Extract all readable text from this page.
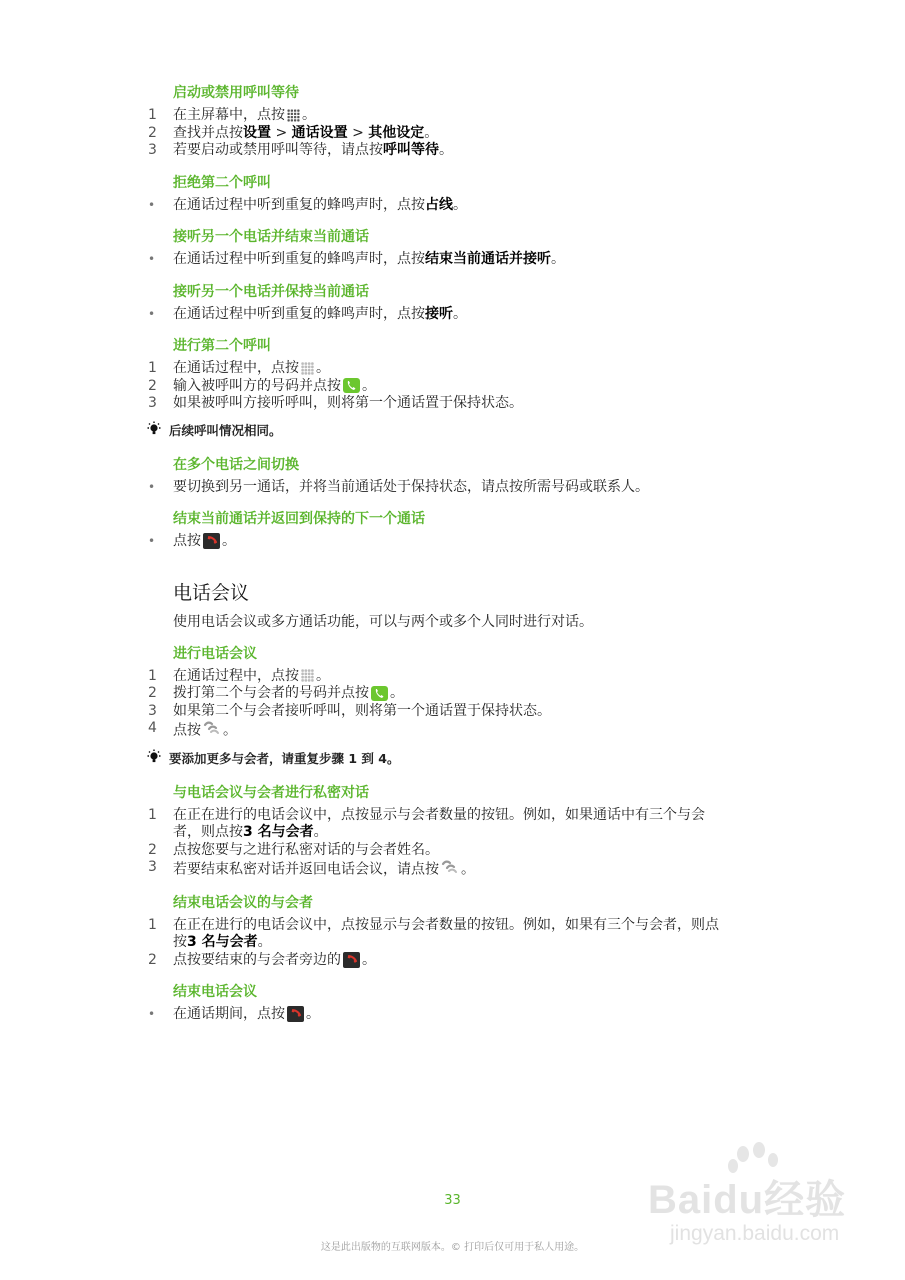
启动或禁用呼叫等待
1	在主屏幕中，点按 。
2	查找并点按设置 > 通话设置 > 其他设定。
3	若要启动或禁用呼叫等待，请点按呼叫等待。
拒绝第二个呼叫
•	在通话过程中听到重复的蜂鸣声时，点按占线。
接听另一个电话并结束当前通话
•	在通话过程中听到重复的蜂鸣声时，点按结束当前通话并接听。
接听另一个电话并保持当前通话
•	在通话过程中听到重复的蜂鸣声时，点按接听。
进行第二个呼叫
1	在通话过程中，点按 。
2	输入被呼叫方的号码并点按 。
3	如果被呼叫方接听呼叫，则将第一个通话置于保持状态。
后续呼叫情况相同。
在多个电话之间切换
•	要切换到另一通话，并将当前通话处于保持状态，请点按所需号码或联系人。
结束当前通话并返回到保持的下一个通话
•	点按 。
电话会议
使用电话会议或多方通话功能，可以与两个或多个人同时进行对话。
进行电话会议
1	在通话过程中，点按 。
2	拨打第二个与会者的号码并点按 。
3	如果第二个与会者接听呼叫，则将第一个通话置于保持状态。
4	点按 。
要添加更多与会者，请重复步骤 1 到 4。
与电话会议与会者进行私密对话
1	在正在进行的电话会议中，点按显示与会者数量的按钮。例如，如果通话中有三个与会者，则点按3 名与会者。
2	点按您要与之进行私密对话的与会者姓名。
3	若要结束私密对话并返回电话会议，请点按 。
结束电话会议的与会者
1	在正在进行的电话会议中，点按显示与会者数量的按钮。例如，如果有三个与会者，则点按3 名与会者。
2	点按要结束的与会者旁边的 。
结束电话会议
•	在通话期间，点按 。
Baidu经验
jingyan.baidu.com
33
这是此出版物的互联网版本。© 打印后仅可用于私人用途。
